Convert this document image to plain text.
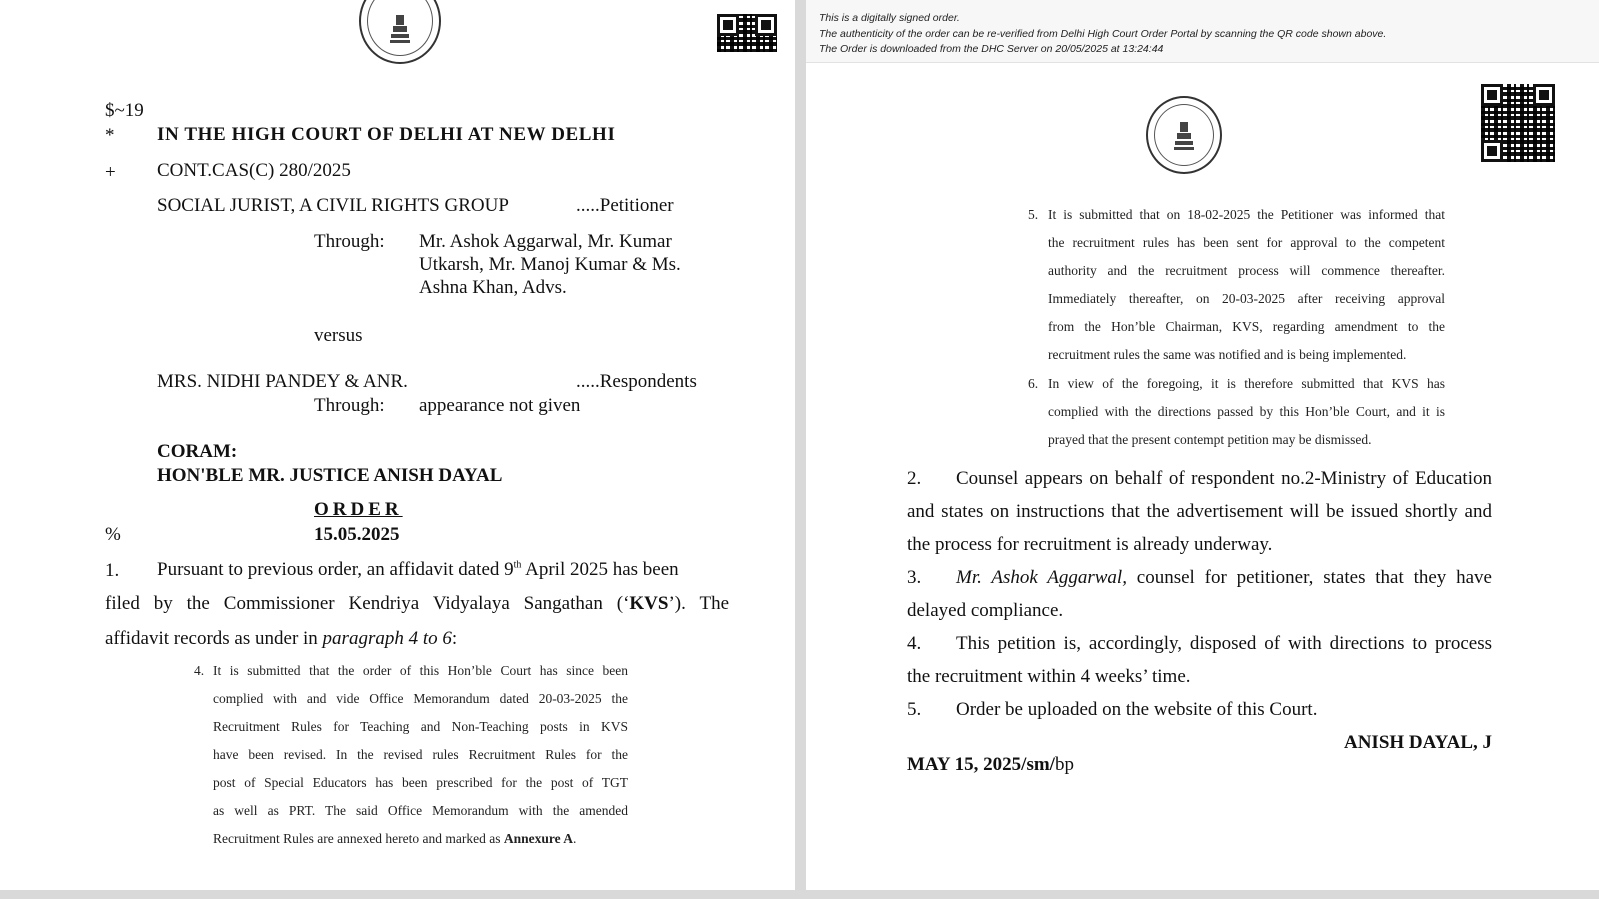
$~19
* IN THE HIGH COURT OF DELHI AT NEW DELHI
+ CONT.CAS(C) 280/2025
SOCIAL JURIST, A CIVIL RIGHTS GROUP	.....Petitioner
Through: Mr. Ashok Aggarwal, Mr. Kumar
Utkarsh, Mr. Manoj Kumar & Ms.
Ashna Khan, Advs.
versus
MRS. NIDHI PANDEY & ANR.	.....Respondents
Through: appearance not given
CORAM:
HON'BLE MR. JUSTICE ANISH DAYAL
ORDER
%	15.05.2025
1. Pursuant to previous order, an affidavit dated 9th April 2025 has been
filed by the Commissioner Kendriya Vidyalaya Sangathan (‘KVS’). The
affidavit records as under in paragraph 4 to 6:
4. It is submitted that the order of this Hon’ble Court has since been
complied with and vide Office Memorandum dated 20-03-2025 the
Recruitment Rules for Teaching and Non-Teaching posts in KVS
have been revised. In the revised rules Recruitment Rules for the
post of Special Educators has been prescribed for the post of TGT
as well as PRT. The said Office Memorandum with the amended
Recruitment Rules are annexed hereto and marked as Annexure A.
This is a digitally signed order.
The authenticity of the order can be re-verified from Delhi High Court Order Portal by scanning the QR code shown above.
The Order is downloaded from the DHC Server on 20/05/2025 at 13:24:44
5. It is submitted that on 18-02-2025 the Petitioner was informed that
the recruitment rules has been sent for approval to the competent
authority and the recruitment process will commence thereafter.
Immediately thereafter, on 20-03-2025 after receiving approval
from the Hon’ble Chairman, KVS, regarding amendment to the
recruitment rules the same was notified and is being implemented.
6. In view of the foregoing, it is therefore submitted that KVS has
complied with the directions passed by this Hon’ble Court, and it is
prayed that the present contempt petition may be dismissed.
2. Counsel appears on behalf of respondent no.2-Ministry of Education
and states on instructions that the advertisement will be issued shortly and
the process for recruitment is already underway.
3. Mr. Ashok Aggarwal, counsel for petitioner, states that they have
delayed compliance.
4. This petition is, accordingly, disposed of with directions to process
the recruitment within 4 weeks’ time.
5. Order be uploaded on the website of this Court.
ANISH DAYAL, J
MAY 15, 2025/sm/bp
